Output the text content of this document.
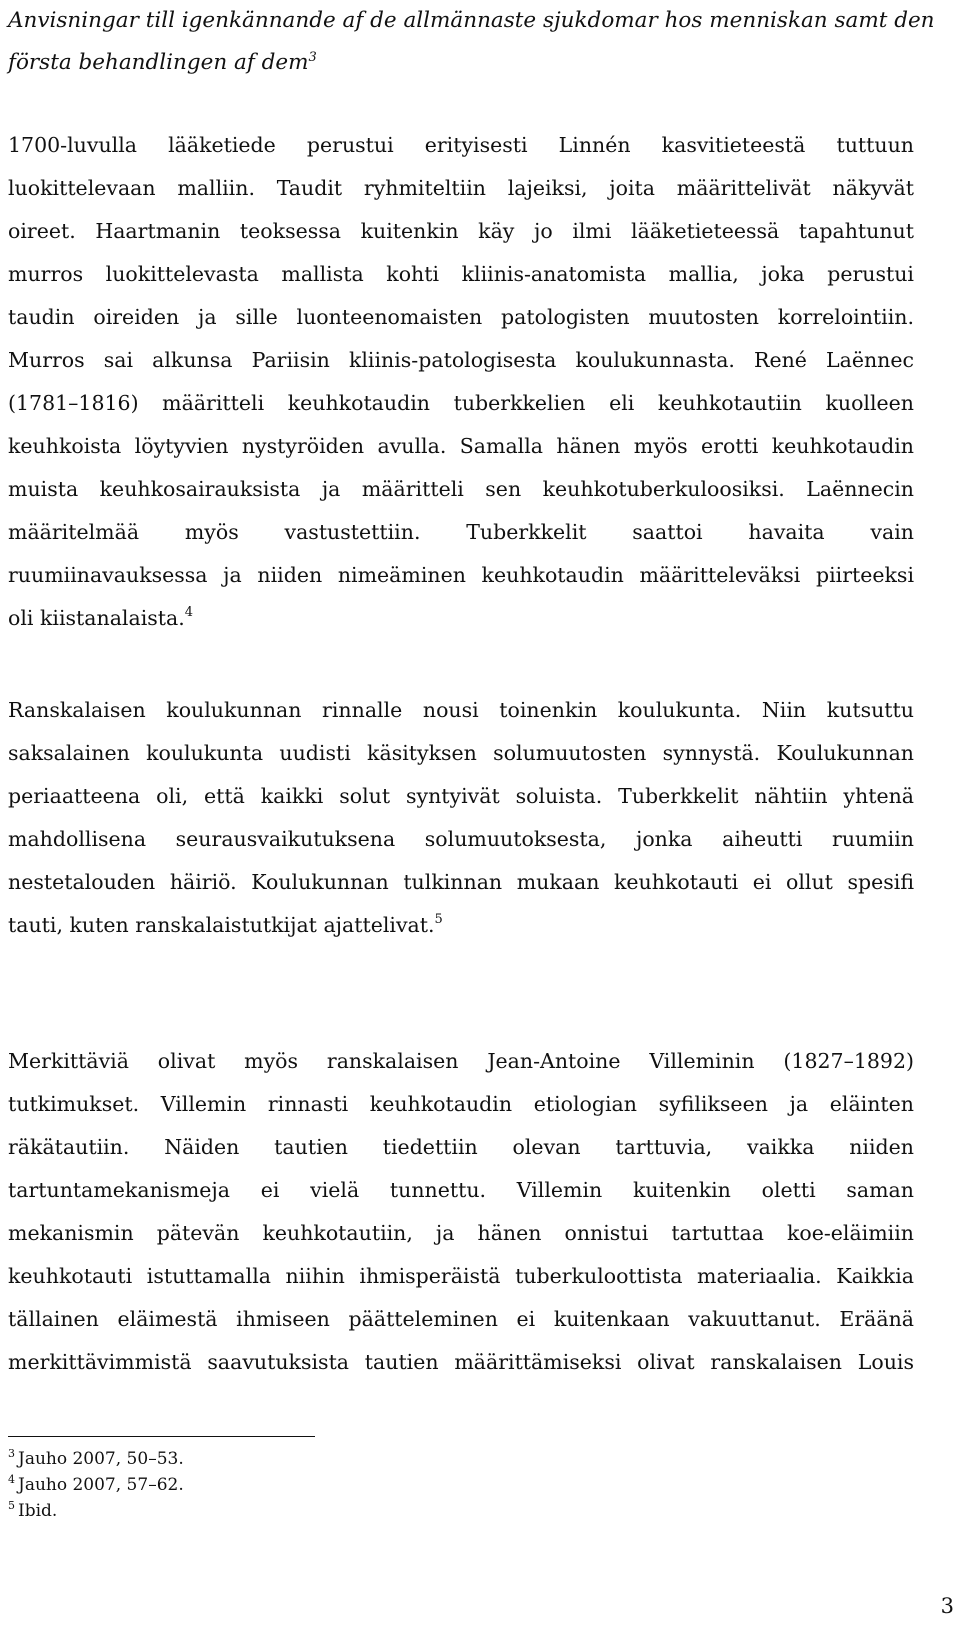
Anvisningar till igenkännande af de allmännaste sjukdomar hos menniskan samt den
första behandlingen af dem$^3$
1700-luvulla lääketiede perustui erityisesti Linnén kasvitieteestä tuttuun
luokittelevaan malliin. Taudit ryhmiteltiin lajeiksi, joita määrittelivät näkyvät
oireet. Haartmanin teoksessa kuitenkin käy jo ilmi lääketieteessä tapahtunut
murros luokittelevasta mallista kohti kliinis-anatomista mallia, joka perustui
taudin oireiden ja sille luonteenomaisten patologisten muutosten korrelointiin.
Murros sai alkunsa Pariisin kliinis-patologisesta koulukunnasta. René Laënnec
(1781–1816) määritteli keuhkotaudin tuberkkelien eli keuhkotautiin kuolleen
keuhkoista löytyvien nystyröiden avulla. Samalla hänen myös erotti keuhkotaudin
muista keuhkosairauksista ja määritteli sen keuhkotuberkuloosiksi. Laënnecin
määritelmää myös vastustettiin. Tuberkkelit saattoi havaita vain
ruumiinavauksessa ja niiden nimeäminen keuhkotaudin määritteleväksi piirteeksi
oli kiistanalaista.$^4$
Ranskalaisen koulukunnan rinnalle nousi toinenkin koulukunta. Niin kutsuttu
saksalainen koulukunta uudisti käsityksen solumuutosten synnystä. Koulukunnan
periaatteena oli, että kaikki solut syntyivät soluista. Tuberkkelit nähtiin yhtenä
mahdollisena seurausvaikutuksena solumuutoksesta, jonka aiheutti ruumiin
nestetalouden häiriö. Koulukunnan tulkinnan mukaan keuhkotauti ei ollut spesifi
tauti, kuten ranskalaistutkijat ajattelivat.$^5$
Merkittäviä olivat myös ranskalaisen Jean-Antoine Villeminin (1827–1892)
tutkimukset. Villemin rinnasti keuhkotaudin etiologian syfilikseen ja eläinten
räkätautiin. Näiden tautien tiedettiin olevan tarttuvia, vaikka niiden
tartuntamekanismeja ei vielä tunnettu. Villemin kuitenkin oletti saman
mekanismin pätevän keuhkotautiin, ja hänen onnistui tartuttaa koe-eläimiin
keuhkotauti istuttamalla niihin ihmisperäistä tuberkuloottista materiaalia. Kaikkia
tällainen eläimestä ihmiseen päätteleminen ei kuitenkaan vakuuttanut. Eräänä
merkittävimmistä saavutuksista tautien määrittämiseksi olivat ranskalaisen Louis
$^3$ Jauho 2007, 50–53.
$^4$ Jauho 2007, 57–62.
$^5$ Ibid.
3
